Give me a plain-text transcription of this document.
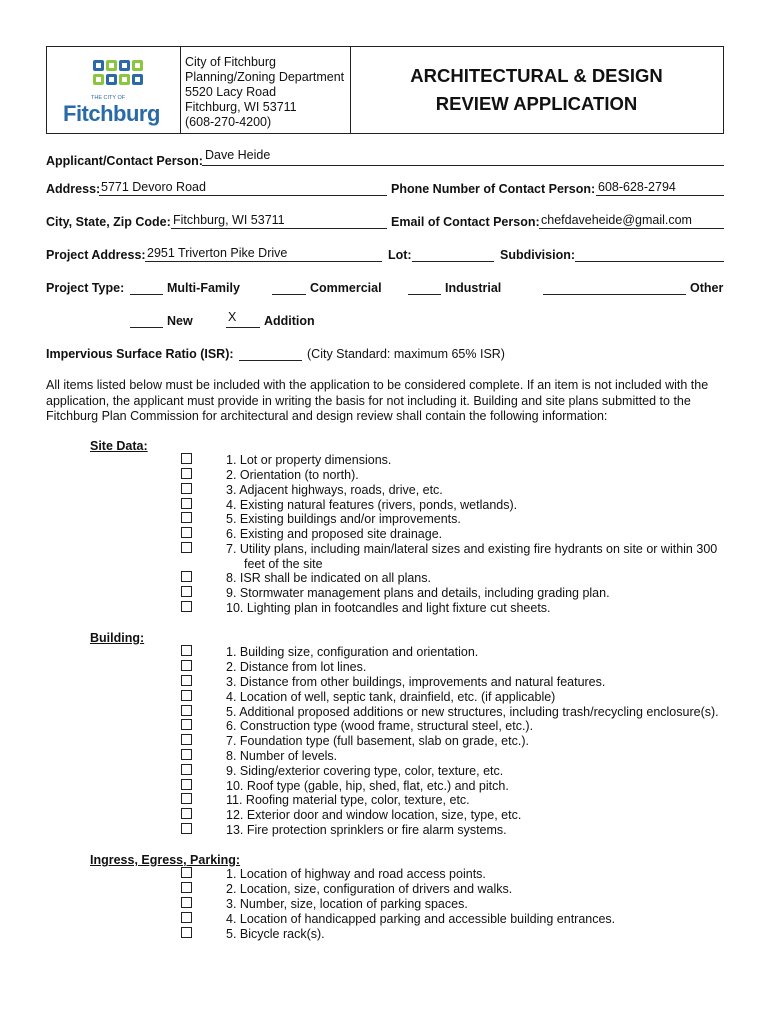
THE CITY OF
Fitchburg
City of Fitchburg
Planning/Zoning Department
5520 Lacy Road
Fitchburg, WI 53711
(608-270-4200)
ARCHITECTURAL & DESIGN
REVIEW APPLICATION
Applicant/Contact Person: Dave Heide
Address: 5771 Devoro Road	Phone Number of Contact Person: 608-628-2794
City, State, Zip Code: Fitchburg, WI 53711	Email of Contact Person: chefdaveheide@gmail.com
Project Address: 2951 Triverton Pike Drive	Lot:	Subdivision:
Project Type:	Multi-Family	Commercial	Industrial	Other
New	X Addition
Impervious Surface Ratio (ISR):	(City Standard: maximum 65% ISR)
All items listed below must be included with the application to be considered complete. If an item is not included with the
application, the applicant must provide in writing the basis for not including it. Building and site plans submitted to the
Fitchburg Plan Commission for architectural and design review shall contain the following information:
Site Data:
1. Lot or property dimensions.
2. Orientation (to north).
3. Adjacent highways, roads, drive, etc.
4. Existing natural features (rivers, ponds, wetlands).
5. Existing buildings and/or improvements.
6. Existing and proposed site drainage.
7. Utility plans, including main/lateral sizes and existing fire hydrants on site or within 300
feet of the site
8. ISR shall be indicated on all plans.
9. Stormwater management plans and details, including grading plan.
10. Lighting plan in footcandles and light fixture cut sheets.
Building:
1. Building size, configuration and orientation.
2. Distance from lot lines.
3. Distance from other buildings, improvements and natural features.
4. Location of well, septic tank, drainfield, etc. (if applicable)
5. Additional proposed additions or new structures, including trash/recycling enclosure(s).
6. Construction type (wood frame, structural steel, etc.).
7. Foundation type (full basement, slab on grade, etc.).
8. Number of levels.
9. Siding/exterior covering type, color, texture, etc.
10. Roof type (gable, hip, shed, flat, etc.) and pitch.
11. Roofing material type, color, texture, etc.
12. Exterior door and window location, size, type, etc.
13. Fire protection sprinklers or fire alarm systems.
Ingress, Egress, Parking:
1. Location of highway and road access points.
2. Location, size, configuration of drivers and walks.
3. Number, size, location of parking spaces.
4. Location of handicapped parking and accessible building entrances.
5. Bicycle rack(s).
